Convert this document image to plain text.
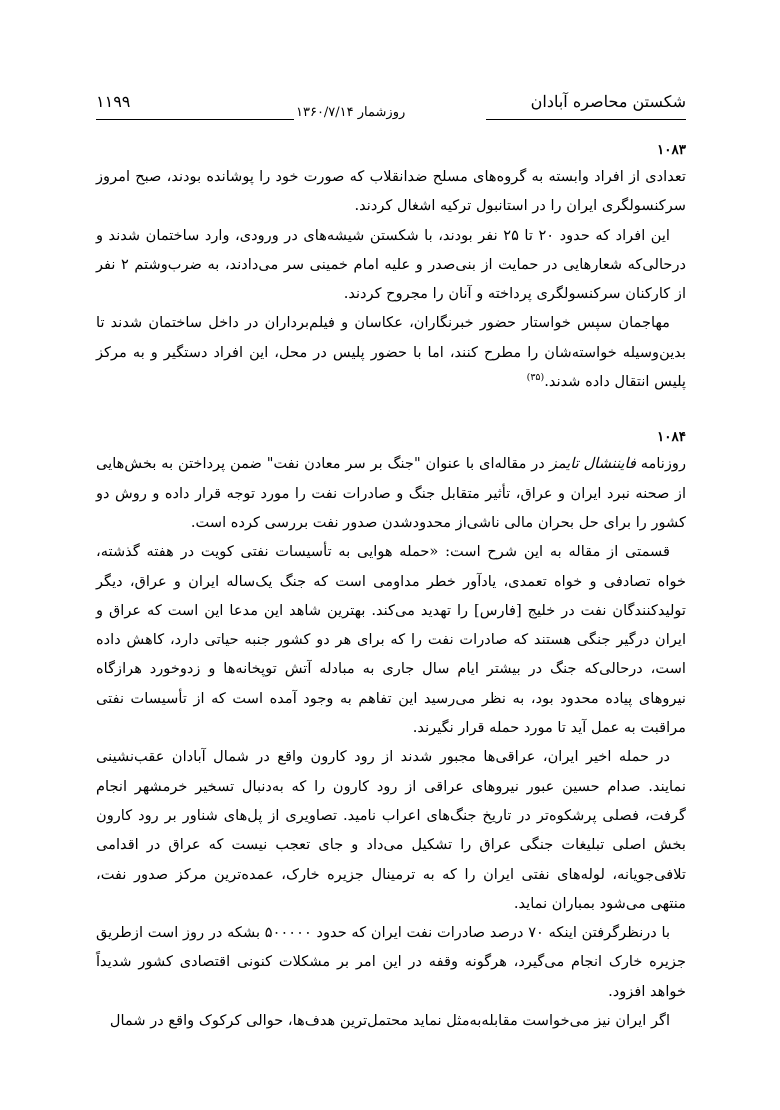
شکستن محاصره آبادان
۱۱۹۹
روزشمار ۱۳۶۰/۷/۱۴
۱۰۸۳

تعدادی از افراد وابسته به گروه‌های مسلح ضدانقلاب که صورت خود را پوشانده بودند، صبح امروز سرکنسولگری ایران را در استانبول ترکیه اشغال کردند.

این افراد که حدود ۲۰ تا ۲۵ نفر بودند، با شکستن شیشه‌های در ورودی، وارد ساختمان شدند و درحالی‌که شعارهایی در حمایت از بنی‌صدر و علیه امام خمینی سر می‌دادند، به ضرب‌وشتم ۲ نفر از کارکنان سرکنسولگری پرداخته و آنان را مجروح کردند.

مهاجمان سپس خواستار حضور خبرنگاران، عکاسان و فیلم‌برداران در داخل ساختمان شدند تا بدین‌وسیله خواسته‌شان را مطرح کنند، اما با حضور پلیس در محل، این افراد دستگیر و به مرکز پلیس انتقال داده شدند.$^{(۳۵)}$

۱۰۸۴

روزنامه فایننشال تایمز در مقاله‌ای با عنوان "جنگ بر سر معادن نفت" ضمن پرداختن به بخش‌هایی از صحنه نبرد ایران و عراق، تأثیر متقابل جنگ و صادرات نفت را مورد توجه قرار داده و روش دو کشور را برای حل بحران مالی ناشی‌از محدودشدن صدور نفت بررسی کرده است.

قسمتی از مقاله به این شرح است: «حمله هوایی به تأسیسات نفتی کویت در هفته گذشته، خواه تصادفی و خواه تعمدی، یادآور خطر مداومی است که جنگ یک‌ساله ایران و عراق، دیگر تولیدکنندگان نفت در خلیج [فارس] را تهدید می‌کند. بهترین شاهد این مدعا این است که عراق و ایران درگیر جنگی هستند که صادرات نفت را که برای هر دو کشور جنبه حیاتی دارد، کاهش داده است، درحالی‌که جنگ در بیشتر ایام سال جاری به مبادله آتش توپخانه‌ها و زدوخورد هرازگاه نیروهای پیاده محدود بود، به نظر می‌رسید این تفاهم به وجود آمده است که از تأسیسات نفتی مراقبت به عمل آید تا مورد حمله قرار نگیرند.

در حمله اخیر ایران، عراقی‌ها مجبور شدند از رود کارون واقع در شمال آبادان عقب‌نشینی نمایند. صدام حسین عبور نیروهای عراقی از رود کارون را که به‌دنبال تسخیر خرمشهر انجام گرفت، فصلی پرشکوه‌تر در تاریخ جنگ‌های اعراب نامید. تصاویری از پل‌های شناور بر رود کارون بخش اصلی تبلیغات جنگی عراق را تشکیل می‌داد و جای تعجب نیست که عراق در اقدامی تلافی‌جویانه، لوله‌های نفتی ایران را که به ترمینال جزیره خارک، عمده‌ترین مرکز صدور نفت، منتهی می‌شود بمباران نماید.

با درنظرگرفتن اینکه ۷۰ درصد صادرات نفت ایران که حدود ۵۰۰۰۰۰ بشکه در روز است ازطریق جزیره خارک انجام می‌گیرد، هرگونه وقفه در این امر بر مشکلات کنونی اقتصادی کشور شدیداً خواهد افزود.

اگر ایران نیز می‌خواست مقابله‌به‌مثل نماید محتمل‌ترین هدف‌ها، حوالی کرکوک واقع در شمال
